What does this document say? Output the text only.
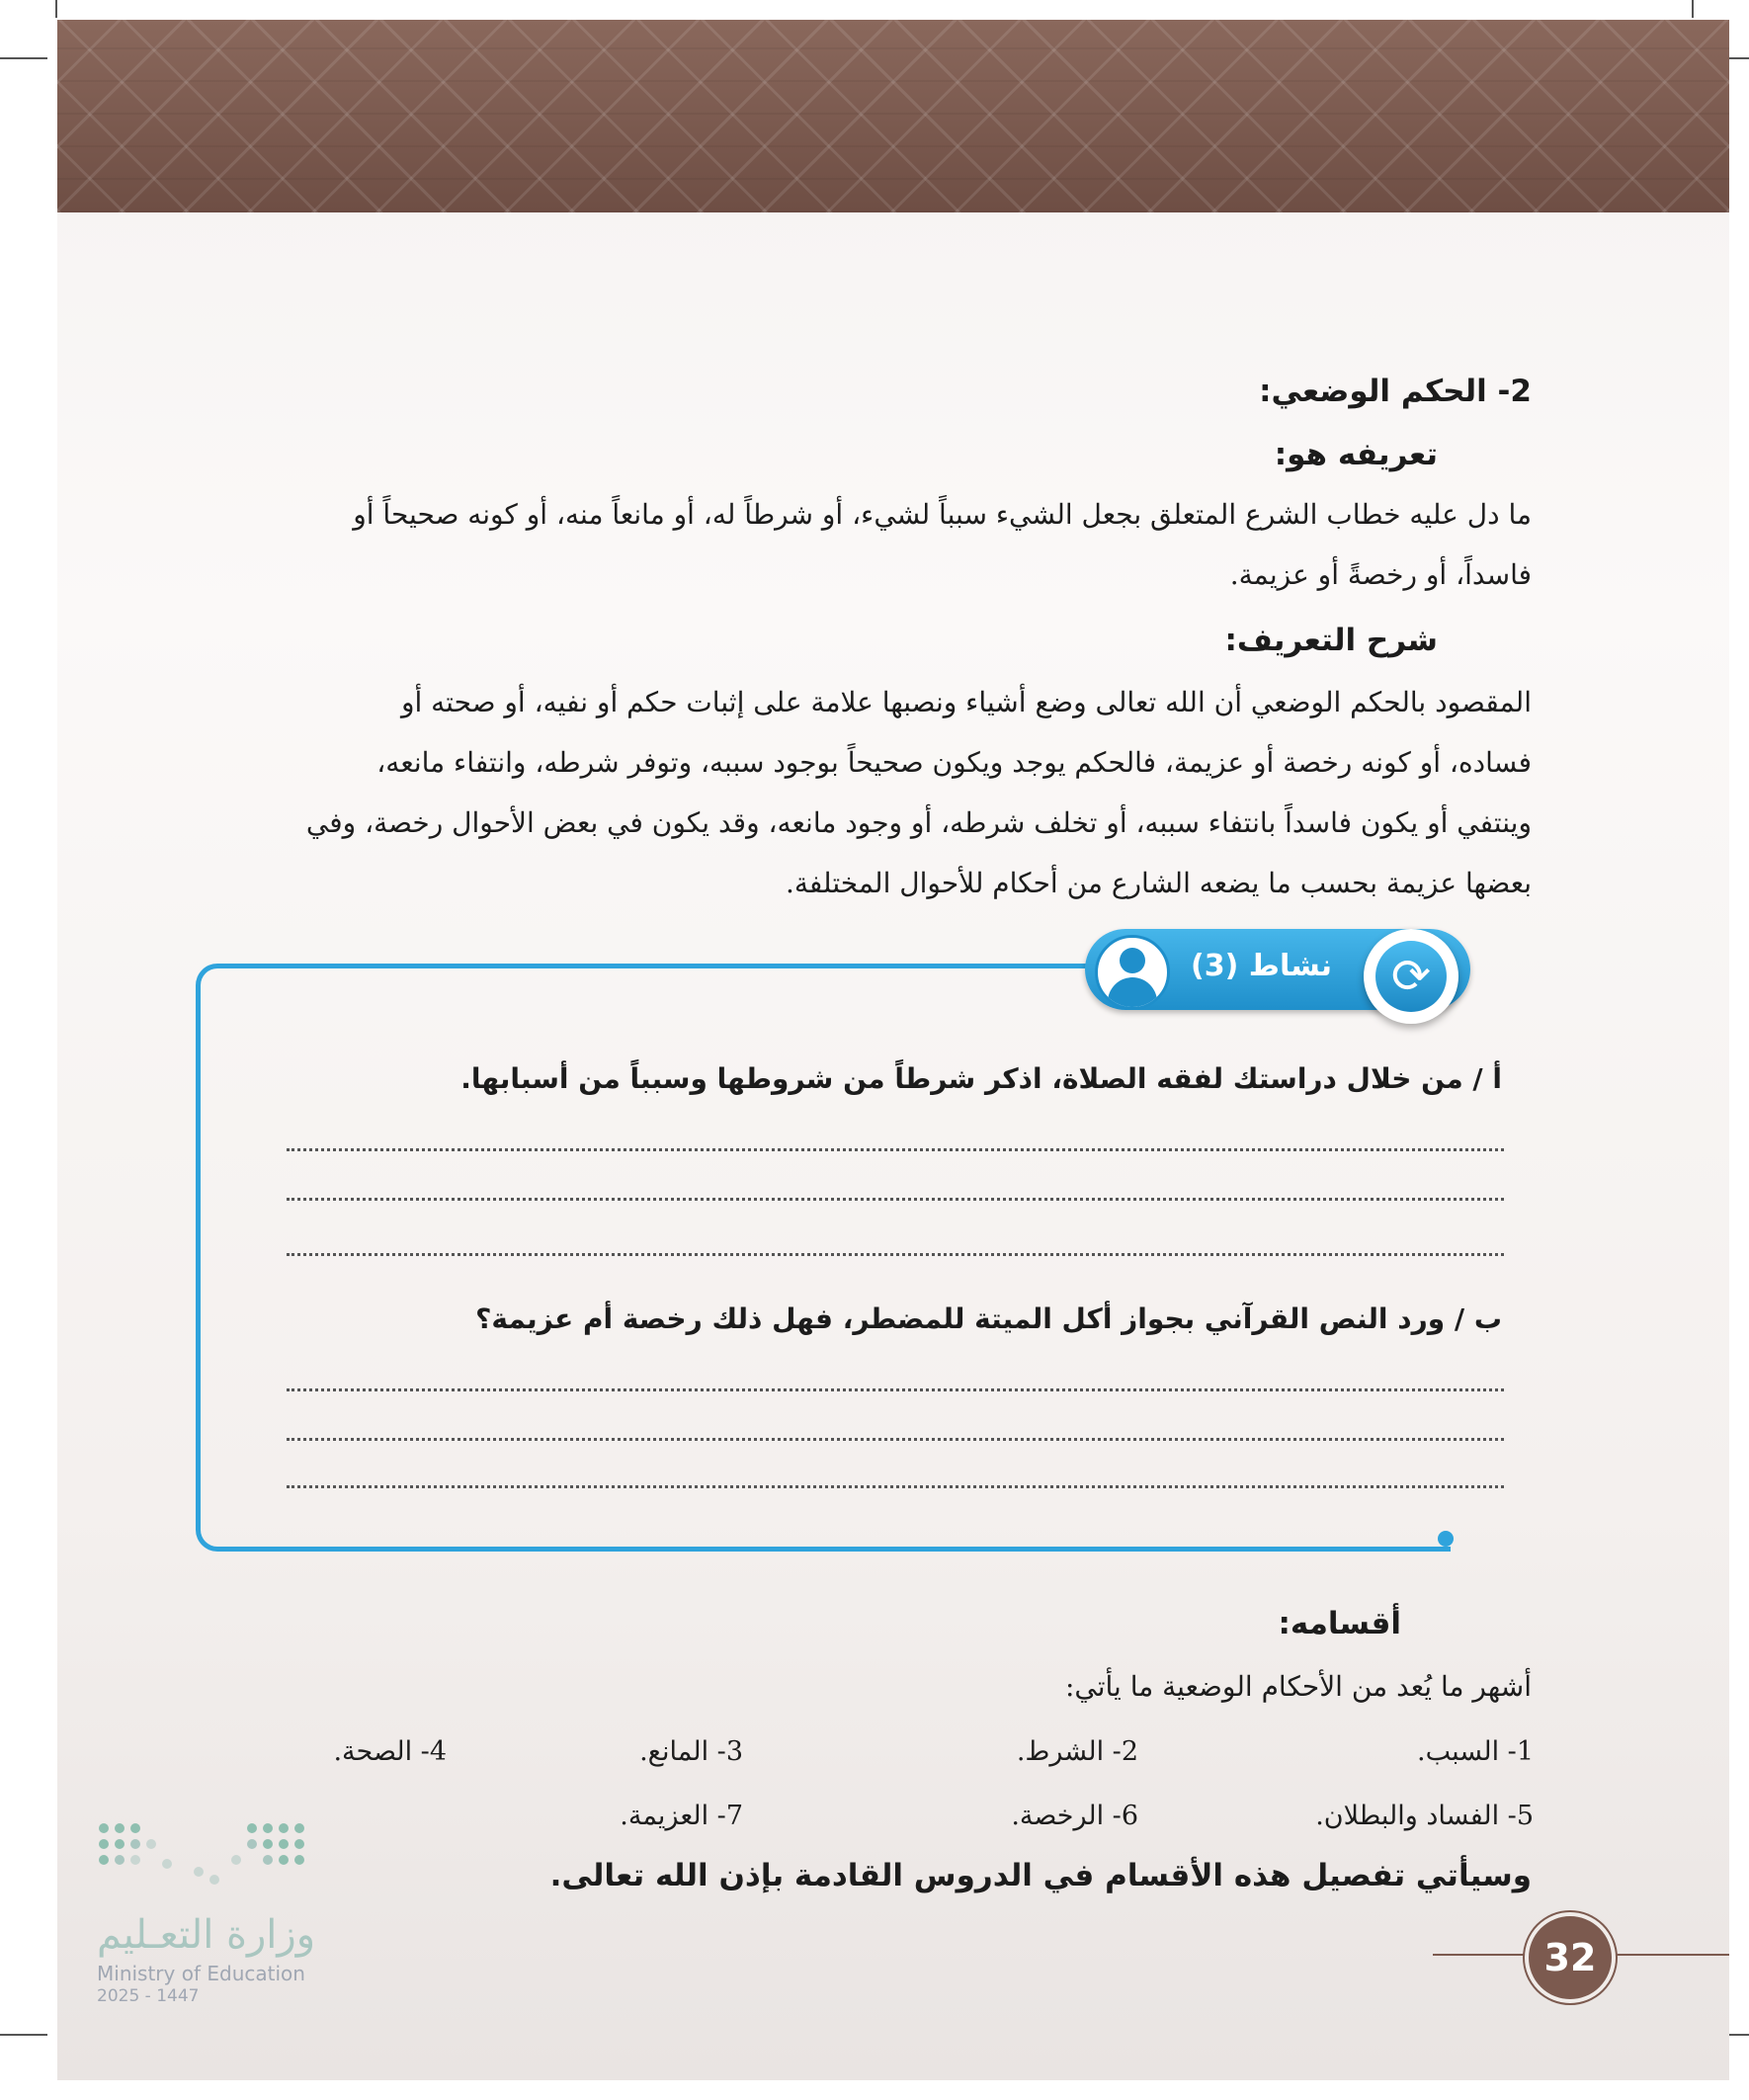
2- الحكم الوضعي:
تعريفه هو:
ما دل عليه خطاب الشرع المتعلق بجعل الشيء سبباً لشيء، أو شرطاً له، أو مانعاً منه، أو كونه صحيحاً أو
فاسداً، أو رخصةً أو عزيمة.
شرح التعريف:
المقصود بالحكم الوضعي أن الله تعالى وضع أشياء ونصبها علامة على إثبات حكم أو نفيه، أو صحته أو
فساده، أو كونه رخصة أو عزيمة، فالحكم يوجد ويكون صحيحاً بوجود سببه، وتوفر شرطه، وانتفاء مانعه،
وينتفي أو يكون فاسداً بانتفاء سببه، أو تخلف شرطه، أو وجود مانعه، وقد يكون في بعض الأحوال رخصة، وفي
بعضها عزيمة بحسب ما يضعه الشارع من أحكام للأحوال المختلفة.
نشاط (3)	⟳
أ / من خلال دراستك لفقه الصلاة، اذكر شرطاً من شروطها وسبباً من أسبابها.
ب / ورد النص القرآني بجواز أكل الميتة للمضطر، فهل ذلك رخصة أم عزيمة؟
أقسامه:
أشهر ما يُعد من الأحكام الوضعية ما يأتي:
1- السبب.
2- الشرط.
3- المانع.
4- الصحة.
5- الفساد والبطلان.
6- الرخصة.
7- العزيمة.
وسيأتي تفصيل هذه الأقسام في الدروس القادمة بإذن الله تعالى.
وزارة التعـليم
Ministry of Education
2025 - 1447
32
